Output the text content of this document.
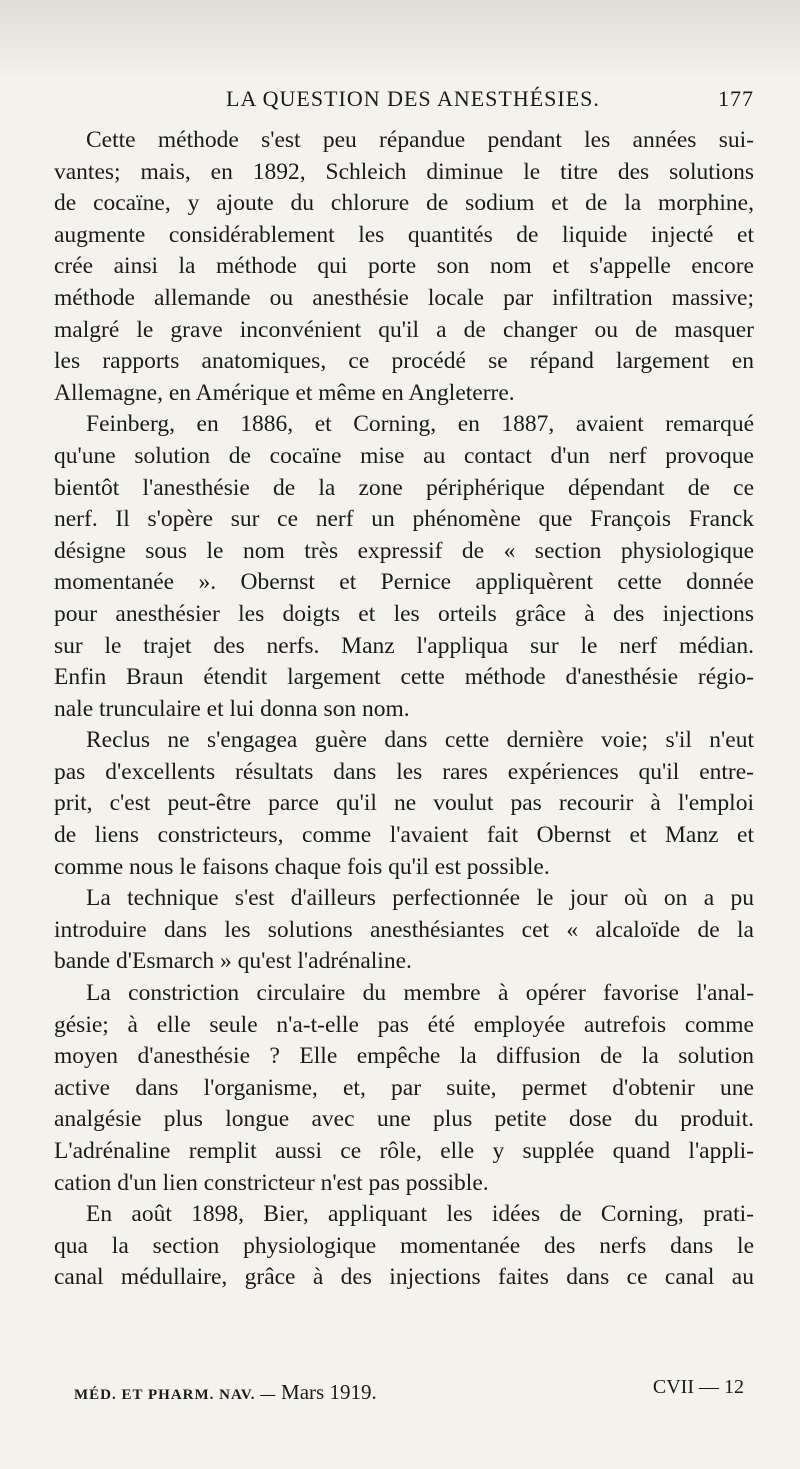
LA QUESTION DES ANESTHÉSIES.	177
Cette méthode s'est peu répandue pendant les années sui-
vantes; mais, en 1892, Schleich diminue le titre des solutions
de cocaïne, y ajoute du chlorure de sodium et de la morphine,
augmente considérablement les quantités de liquide injecté et
crée ainsi la méthode qui porte son nom et s'appelle encore
méthode allemande ou anesthésie locale par infiltration massive;
malgré le grave inconvénient qu'il a de changer ou de masquer
les rapports anatomiques, ce procédé se répand largement en
Allemagne, en Amérique et même en Angleterre.
Feinberg, en 1886, et Corning, en 1887, avaient remarqué
qu'une solution de cocaïne mise au contact d'un nerf provoque
bientôt l'anesthésie de la zone périphérique dépendant de ce
nerf. Il s'opère sur ce nerf un phénomène que François Franck
désigne sous le nom très expressif de « section physiologique
momentanée ». Obernst et Pernice appliquèrent cette donnée
pour anesthésier les doigts et les orteils grâce à des injections
sur le trajet des nerfs. Manz l'appliqua sur le nerf médian.
Enfin Braun étendit largement cette méthode d'anesthésie régio-
nale trunculaire et lui donna son nom.
Reclus ne s'engagea guère dans cette dernière voie; s'il n'eut
pas d'excellents résultats dans les rares expériences qu'il entre-
prit, c'est peut-être parce qu'il ne voulut pas recourir à l'emploi
de liens constricteurs, comme l'avaient fait Obernst et Manz et
comme nous le faisons chaque fois qu'il est possible.
La technique s'est d'ailleurs perfectionnée le jour où on a pu
introduire dans les solutions anesthésiantes cet « alcaloïde de la
bande d'Esmarch » qu'est l'adrénaline.
La constriction circulaire du membre à opérer favorise l'anal-
gésie; à elle seule n'a-t-elle pas été employée autrefois comme
moyen d'anesthésie ? Elle empêche la diffusion de la solution
active dans l'organisme, et, par suite, permet d'obtenir une
analgésie plus longue avec une plus petite dose du produit.
L'adrénaline remplit aussi ce rôle, elle y supplée quand l'appli-
cation d'un lien constricteur n'est pas possible.
En août 1898, Bier, appliquant les idées de Corning, prati-
qua la section physiologique momentanée des nerfs dans le
canal médullaire, grâce à des injections faites dans ce canal au
MÉD. ET PHARM. NAV. — Mars 1919.	CVII — 12
